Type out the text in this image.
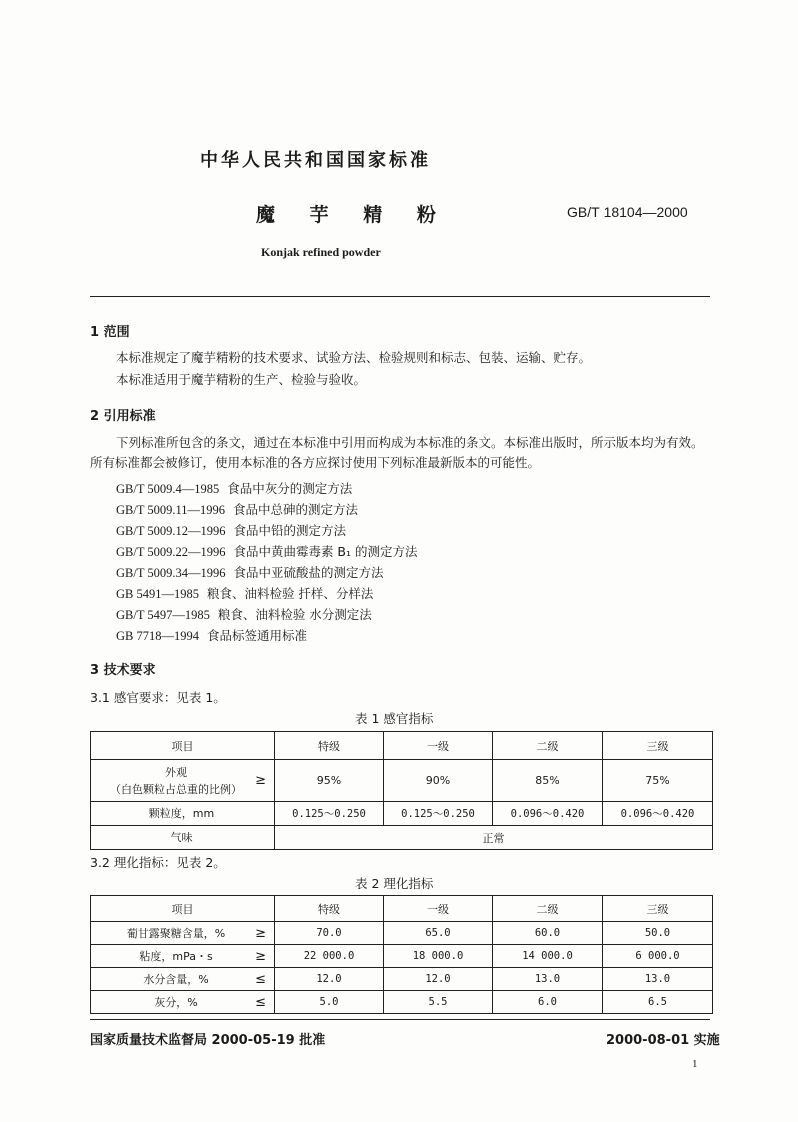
中华人民共和国国家标准
魔 芋 精 粉	GB/T 18104—2000
Konjak refined powder
1 范围
本标准规定了魔芋精粉的技术要求、试验方法、检验规则和标志、包装、运输、贮存。
本标准适用于魔芋精粉的生产、检验与验收。
2 引用标准
下列标准所包含的条文，通过在本标准中引用而构成为本标准的条文。本标准出版时，所示版本均为有效。所有标准都会被修订，使用本标准的各方应探讨使用下列标准最新版本的可能性。
GB/T 5009.4—1985 食品中灰分的测定方法
GB/T 5009.11—1996 食品中总砷的测定方法
GB/T 5009.12—1996 食品中铅的测定方法
GB/T 5009.22—1996 食品中黄曲霉毒素 B₁ 的测定方法
GB/T 5009.34—1996 食品中亚硫酸盐的测定方法
GB 5491—1985 粮食、油料检验 扦样、分样法
GB/T 5497—1985 粮食、油料检验 水分测定法
GB 7718—1994 食品标签通用标准
3 技术要求
3.1 感官要求：见表 1。
表 1 感官指标
项目	特级	一级	二级	三级

外观
（白色颗粒占总重的比例）
≥	95%	90%	85%	75%

颗粒度，mm	0.125～0.250	0.125～0.250	0.096～0.420	0.096～0.420

气味	正常			
3.2 理化指标：见表 2。
表 2 理化指标
项目	特级	一级	二级	三级

葡甘露聚糖含量，% ≥	70.0	65.0	60.0	50.0

粘度，mPa・s ≥	22 000.0	18 000.0	14 000.0	6 000.0

水分含量，% ≤	12.0	12.0	13.0	13.0

灰分，% ≤	5.0	5.5	6.0	6.5
国家质量技术监督局 2000-05-19 批准	2000-08-01 实施
1
